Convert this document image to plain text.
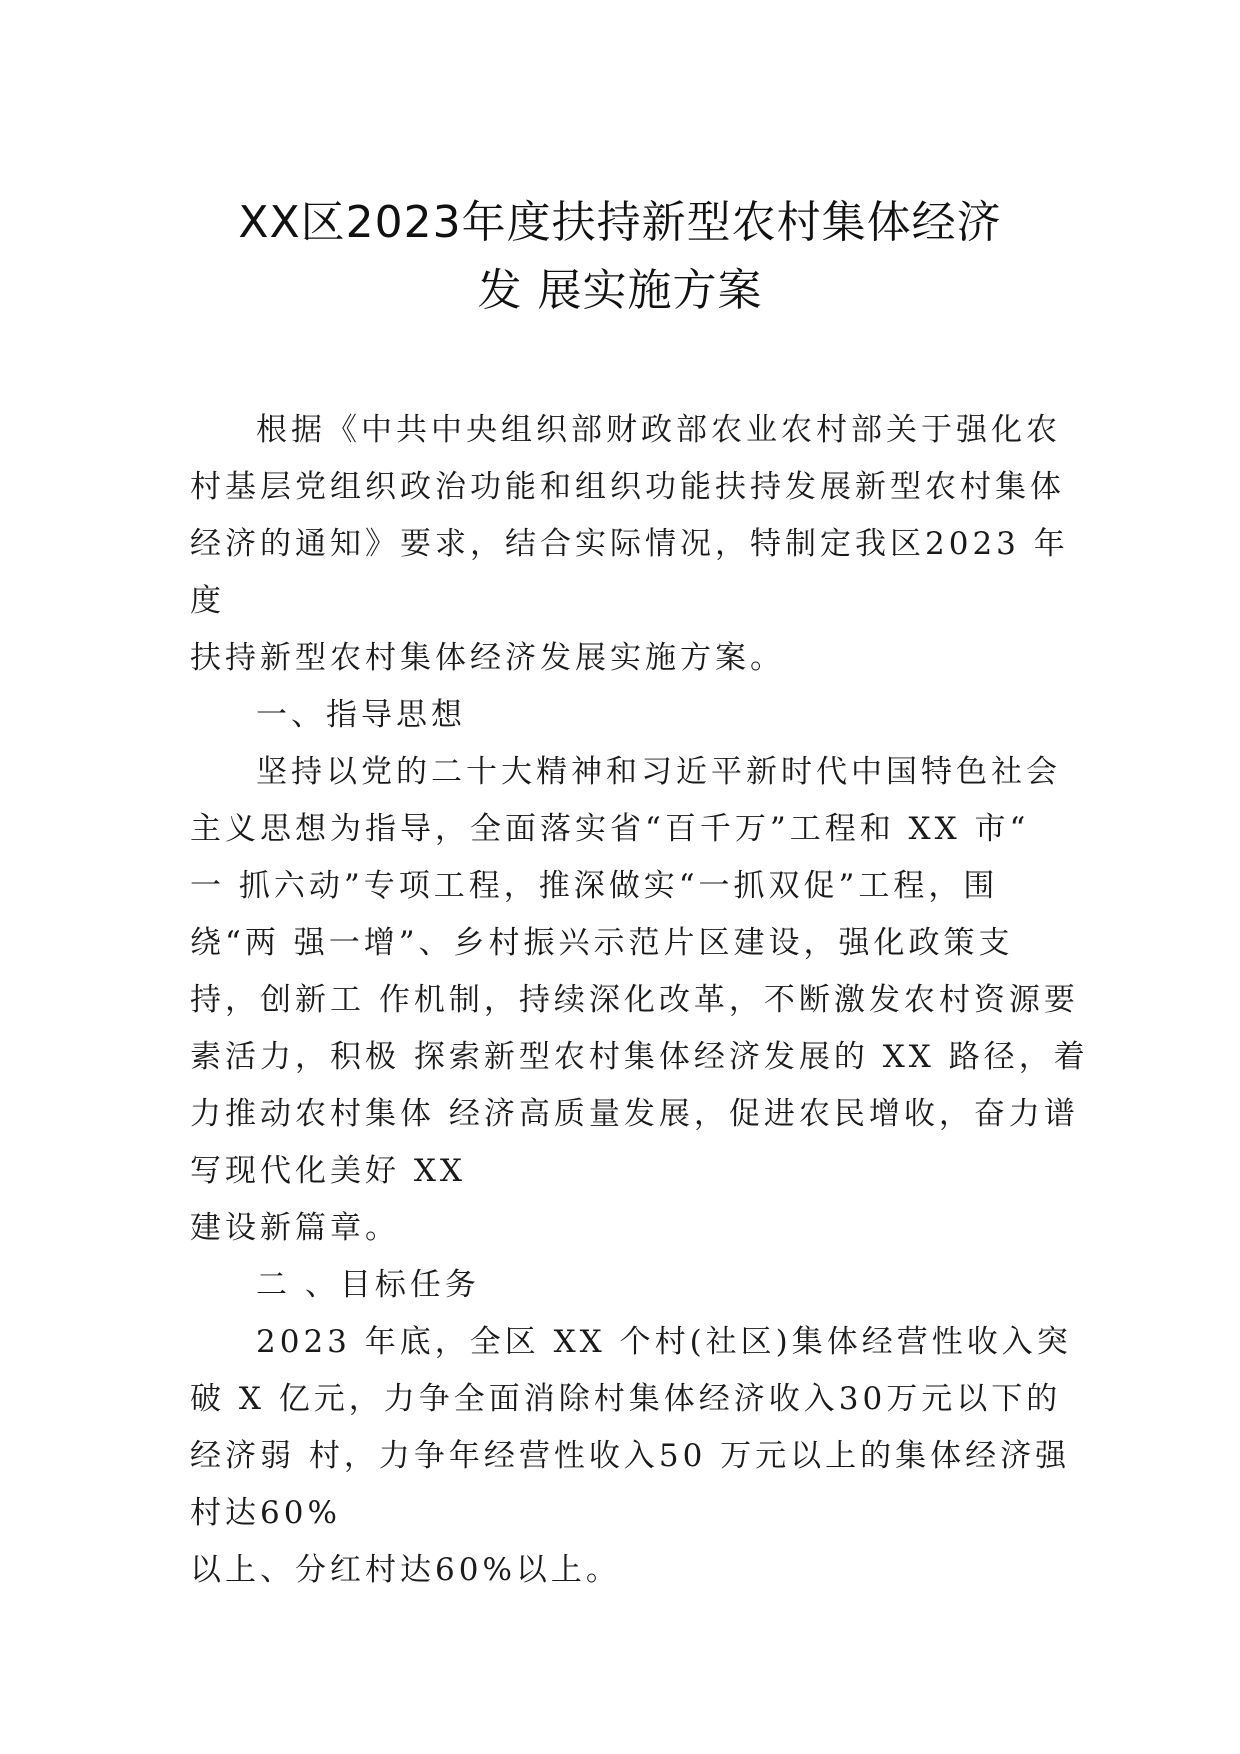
XX区2023年度扶持新型农村集体经济
发 展实施方案
根据《中共中央组织部财政部农业农村部关于强化农
村基层党组织政治功能和组织功能扶持发展新型农村集体
经济的通知》要求，结合实际情况，特制定我区2023 年
度
扶持新型农村集体经济发展实施方案。
一、指导思想
坚持以党的二十大精神和习近平新时代中国特色社会
主义思想为指导，全面落实省“百千万”工程和 XX 市“
一 抓六动”专项工程，推深做实“一抓双促”工程，围
绕“两 强一增”、乡村振兴示范片区建设，强化政策支
持，创新工 作机制，持续深化改革，不断激发农村资源要
素活力，积极 探索新型农村集体经济发展的 XX 路径，着
力推动农村集体 经济高质量发展，促进农民增收，奋力谱
写现代化美好 XX
建设新篇章。
二 、目标任务
2023 年底，全区 XX 个村(社区)集体经营性收入突
破 X 亿元，力争全面消除村集体经济收入30万元以下的
经济弱 村，力争年经营性收入50 万元以上的集体经济强
村达60%
以上、分红村达60%以上。
